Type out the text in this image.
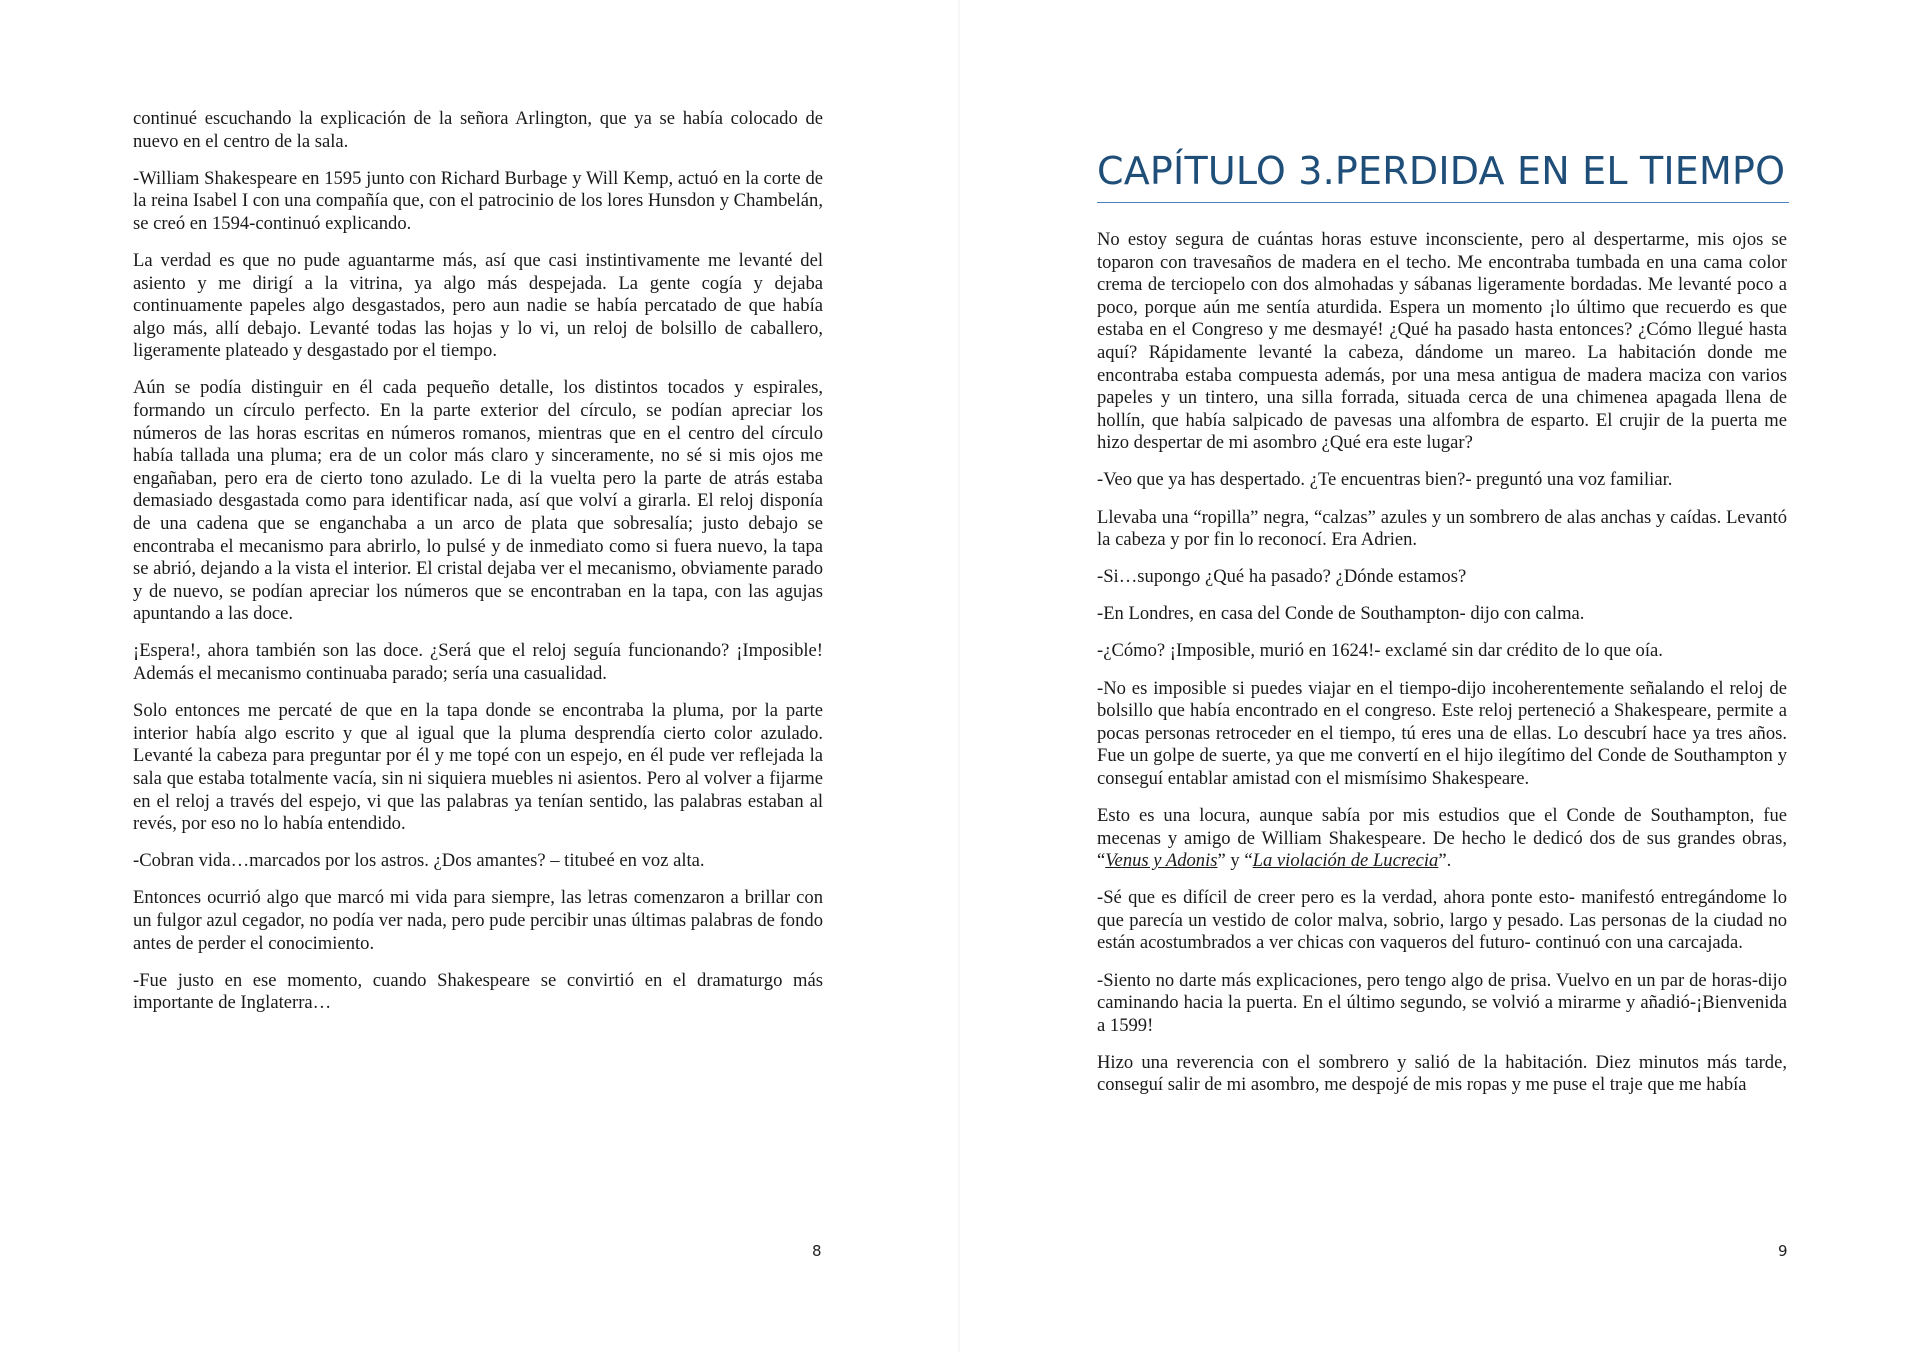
continué escuchando la explicación de la señora Arlington, que ya se había colocado de nuevo en el centro de la sala.

-William Shakespeare en 1595 junto con Richard Burbage y Will Kemp, actuó en la corte de la reina Isabel I con una compañía que, con el patrocinio de los lores Hunsdon y Chambelán, se creó en 1594-continuó explicando.

La verdad es que no pude aguantarme más, así que casi instintivamente me levanté del asiento y me dirigí a la vitrina, ya algo más despejada. La gente cogía y dejaba continuamente papeles algo desgastados, pero aun nadie se había percatado de que había algo más, allí debajo. Levanté todas las hojas y lo vi, un reloj de bolsillo de caballero, ligeramente plateado y desgastado por el tiempo.

Aún se podía distinguir en él cada pequeño detalle, los distintos tocados y espirales, formando un círculo perfecto. En la parte exterior del círculo, se podían apreciar los números de las horas escritas en números romanos, mientras que en el centro del círculo había tallada una pluma; era de un color más claro y sinceramente, no sé si mis ojos me engañaban, pero era de cierto tono azulado. Le di la vuelta pero la parte de atrás estaba demasiado desgastada como para identificar nada, así que volví a girarla. El reloj disponía de una cadena que se enganchaba a un arco de plata que sobresalía; justo debajo se encontraba el mecanismo para abrirlo, lo pulsé y de inmediato como si fuera nuevo, la tapa se abrió, dejando a la vista el interior. El cristal dejaba ver el mecanismo, obviamente parado y de nuevo, se podían apreciar los números que se encontraban en la tapa, con las agujas apuntando a las doce.

¡Espera!, ahora también son las doce. ¿Será que el reloj seguía funcionando? ¡Imposible! Además el mecanismo continuaba parado; sería una casualidad.

Solo entonces me percaté de que en la tapa donde se encontraba la pluma, por la parte interior había algo escrito y que al igual que la pluma desprendía cierto color azulado. Levanté la cabeza para preguntar por él y me topé con un espejo, en él pude ver reflejada la sala que estaba totalmente vacía, sin ni siquiera muebles ni asientos. Pero al volver a fijarme en el reloj a través del espejo, vi que las palabras ya tenían sentido, las palabras estaban al revés, por eso no lo había entendido.

-Cobran vida…marcados por los astros. ¿Dos amantes? – titubeé en voz alta.

Entonces ocurrió algo que marcó mi vida para siempre, las letras comenzaron a brillar con un fulgor azul cegador, no podía ver nada, pero pude percibir unas últimas palabras de fondo antes de perder el conocimiento.

-Fue justo en ese momento, cuando Shakespeare se convirtió en el dramaturgo más importante de Inglaterra…

8
CAPÍTULO 3.PERDIDA EN EL TIEMPO

No estoy segura de cuántas horas estuve inconsciente, pero al despertarme, mis ojos se toparon con travesaños de madera en el techo. Me encontraba tumbada en una cama color crema de terciopelo con dos almohadas y sábanas ligeramente bordadas. Me levanté poco a poco, porque aún me sentía aturdida. Espera un momento ¡lo último que recuerdo es que estaba en el Congreso y me desmayé! ¿Qué ha pasado hasta entonces? ¿Cómo llegué hasta aquí? Rápidamente levanté la cabeza, dándome un mareo. La habitación donde me encontraba estaba compuesta además, por una mesa antigua de madera maciza con varios papeles y un tintero, una silla forrada, situada cerca de una chimenea apagada llena de hollín, que había salpicado de pavesas una alfombra de esparto. El crujir de la puerta me hizo despertar de mi asombro ¿Qué era este lugar?

-Veo que ya has despertado. ¿Te encuentras bien?- preguntó una voz familiar.

Llevaba una “ropilla” negra, “calzas” azules y un sombrero de alas anchas y caídas. Levantó la cabeza y por fin lo reconocí. Era Adrien.

-Si…supongo ¿Qué ha pasado? ¿Dónde estamos?

-En Londres, en casa del Conde de Southampton- dijo con calma.

-¿Cómo? ¡Imposible, murió en 1624!- exclamé sin dar crédito de lo que oía.

-No es imposible si puedes viajar en el tiempo-dijo incoherentemente señalando el reloj de bolsillo que había encontrado en el congreso. Este reloj perteneció a Shakespeare, permite a pocas personas retroceder en el tiempo, tú eres una de ellas. Lo descubrí hace ya tres años. Fue un golpe de suerte, ya que me convertí en el hijo ilegítimo del Conde de Southampton y conseguí entablar amistad con el mismísimo Shakespeare.

Esto es una locura, aunque sabía por mis estudios que el Conde de Southampton, fue mecenas y amigo de William Shakespeare. De hecho le dedicó dos de sus grandes obras, “Venus y Adonis” y “La violación de Lucrecia”.

-Sé que es difícil de creer pero es la verdad, ahora ponte esto- manifestó entregándome lo que parecía un vestido de color malva, sobrio, largo y pesado. Las personas de la ciudad no están acostumbrados a ver chicas con vaqueros del futuro- continuó con una carcajada.

-Siento no darte más explicaciones, pero tengo algo de prisa. Vuelvo en un par de horas-dijo caminando hacia la puerta. En el último segundo, se volvió a mirarme y añadió-¡Bienvenida a 1599!

Hizo una reverencia con el sombrero y salió de la habitación. Diez minutos más tarde, conseguí salir de mi asombro, me despojé de mis ropas y me puse el traje que me había

9
